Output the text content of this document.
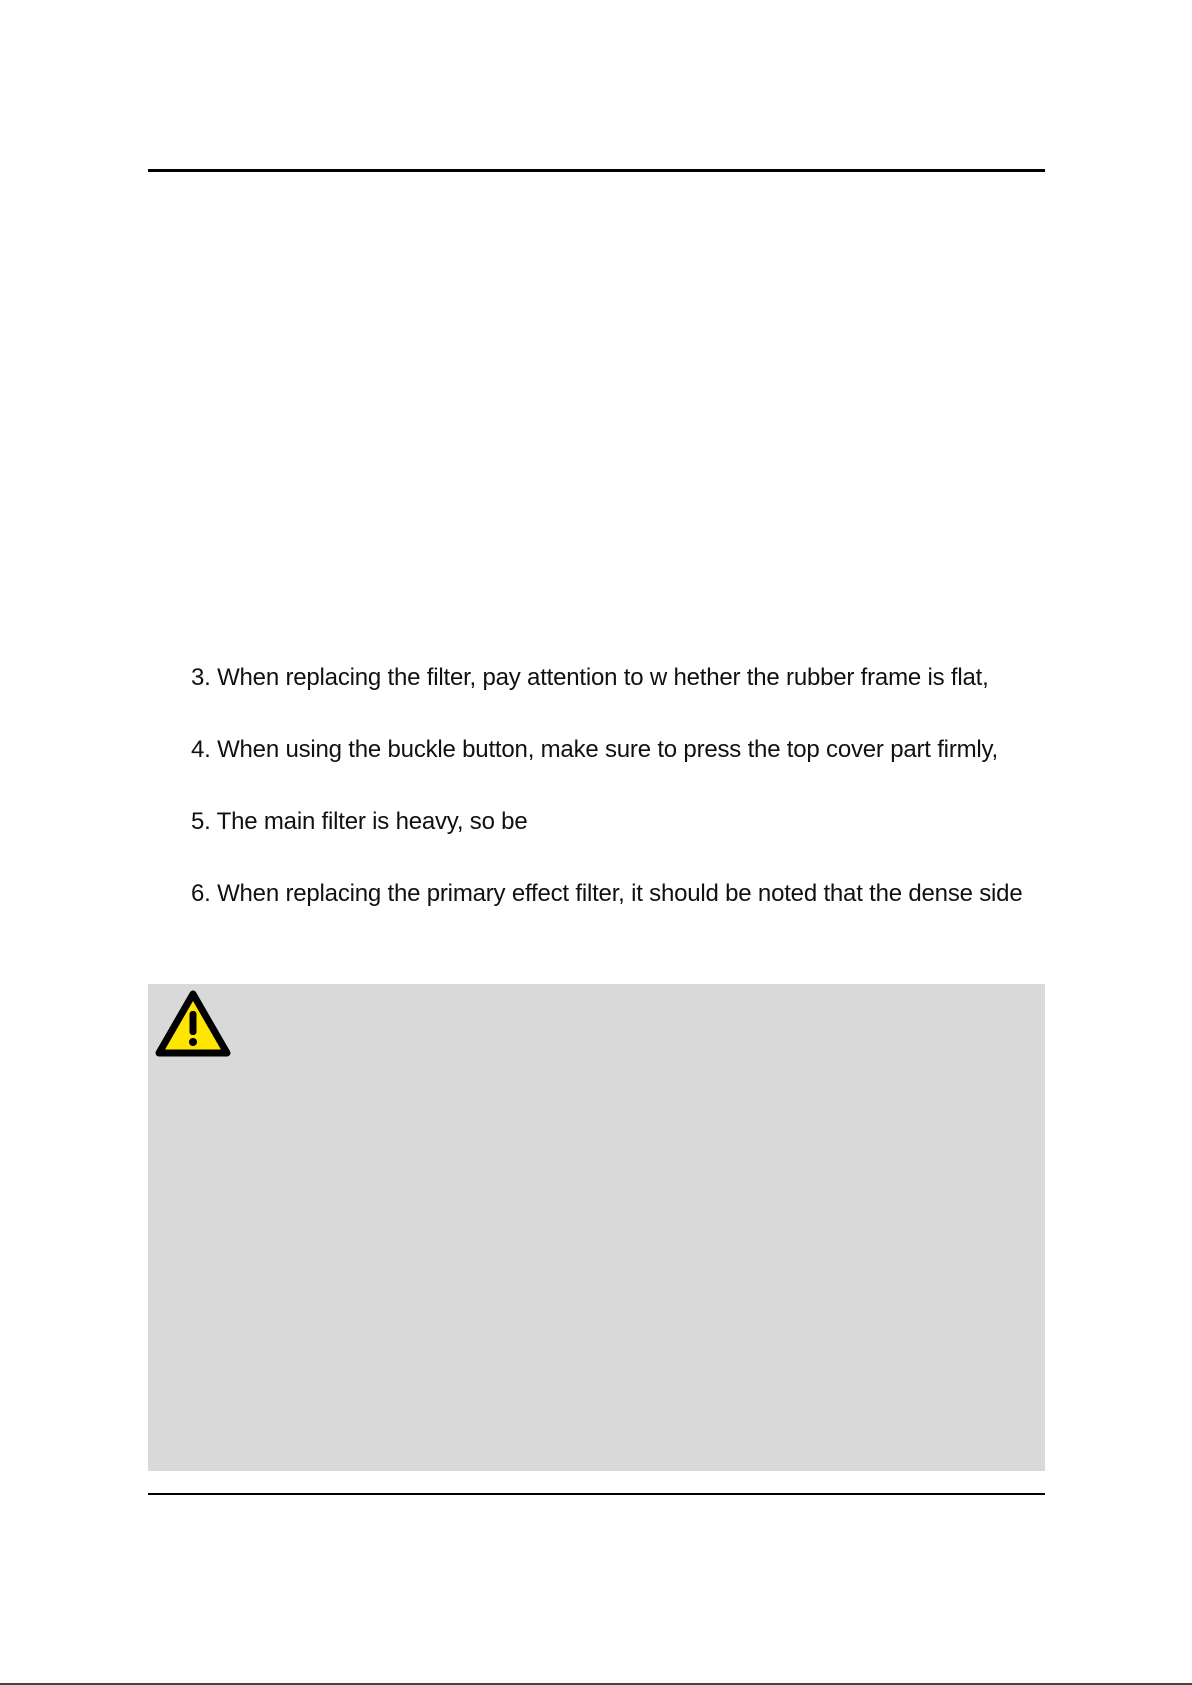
3. When replacing the filter, pay attention to w hether the rubber frame is flat,
4. When using the buckle button, make sure to press the top cover part firmly,
5. The main filter is heavy, so be
6. When replacing the primary effect filter, it should be noted that the dense side
